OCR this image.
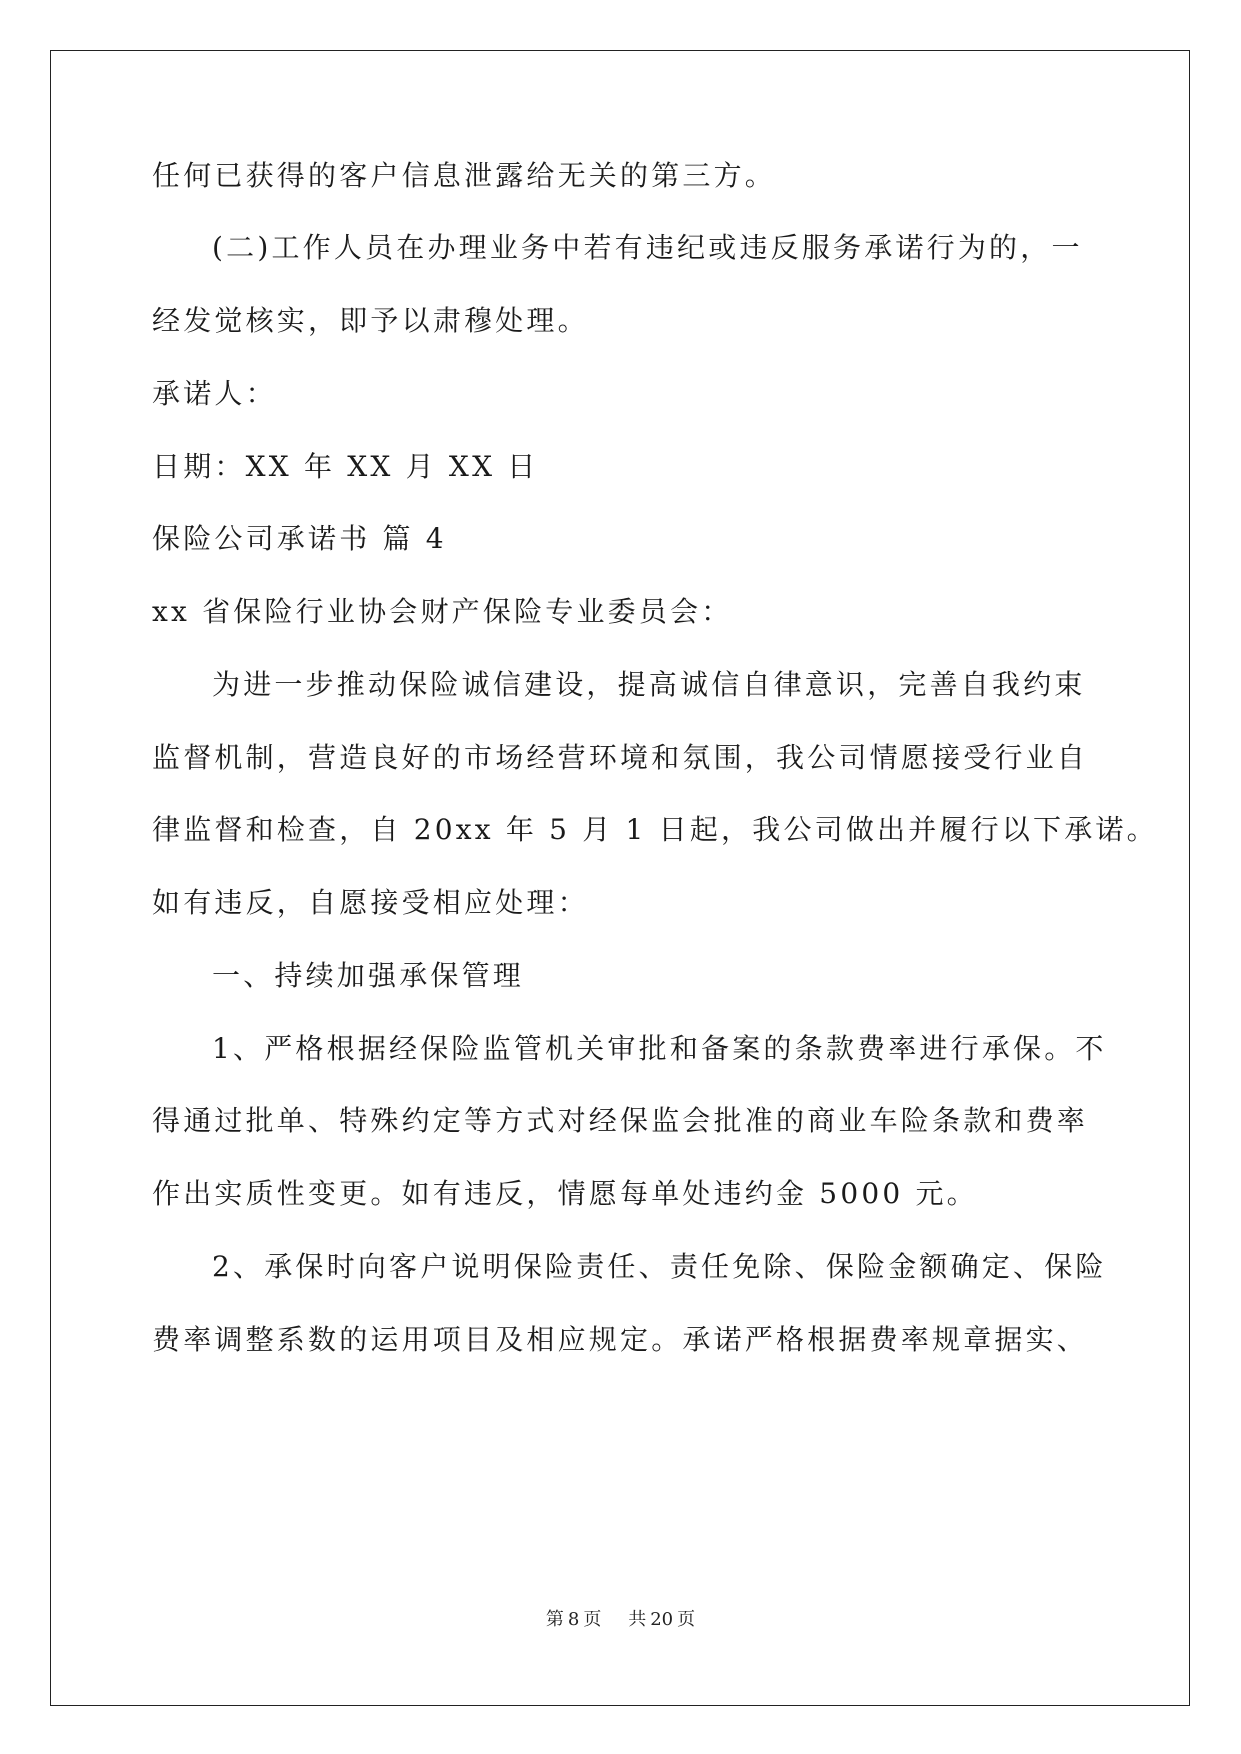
任何已获得的客户信息泄露给无关的第三方。
(二)工作人员在办理业务中若有违纪或违反服务承诺行为的，一
经发觉核实，即予以肃穆处理。
承诺人：
日期：XX 年 XX 月 XX 日
保险公司承诺书 篇 4
xx 省保险行业协会财产保险专业委员会：
为进一步推动保险诚信建设，提高诚信自律意识，完善自我约束
监督机制，营造良好的市场经营环境和氛围，我公司情愿接受行业自
律监督和检查，自 20xx 年 5 月 1 日起，我公司做出并履行以下承诺。
如有违反，自愿接受相应处理：
一、持续加强承保管理
1、严格根据经保险监管机关审批和备案的条款费率进行承保。不
得通过批单、特殊约定等方式对经保监会批准的商业车险条款和费率
作出实质性变更。如有违反，情愿每单处违约金 5000 元。
2、承保时向客户说明保险责任、责任免除、保险金额确定、保险
费率调整系数的运用项目及相应规定。承诺严格根据费率规章据实、
第 8 页 共 20 页
